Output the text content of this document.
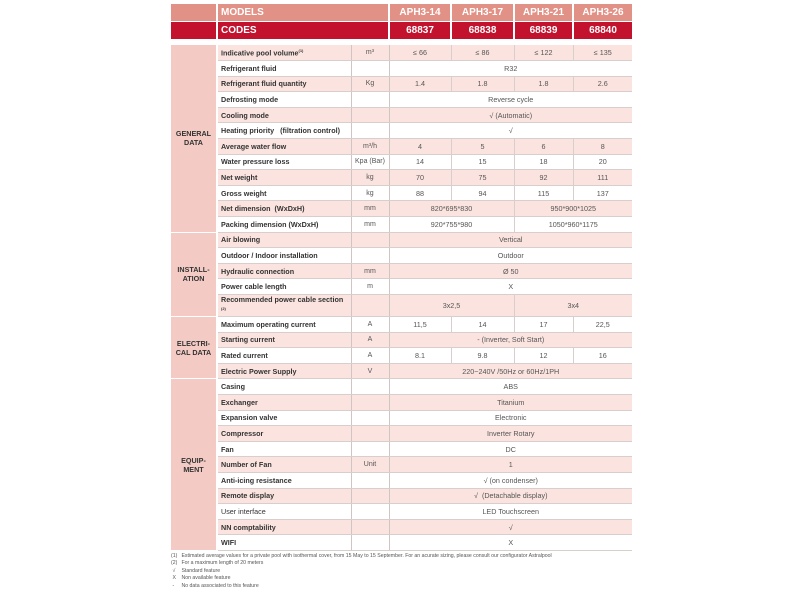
	MODELS		APH3-14	APH3-17	APH3-21	APH3-26
	CODES		68837	68838	68839	68840

GENERAL DATA	Indicative pool volume$^{(1)}$	m³	≤ 66	≤ 86	≤ 122	≤ 135
	Refrigerant fluid		R32			
	Refrigerant fluid quantity	Kg	1.4	1.8	1.8	2.6
	Defrosting mode		Reverse cycle			
	Cooling mode		√ (Automatic)			
	Heating priority   (filtration control)		√			
	Average water flow	m³/h	4	5	6	8
	Water pressure loss	Kpa (Bar)	14	15	18	20
	Net weight	kg	70	75	92	111
	Gross weight	kg	88	94	115	137
	Net dimension  (WxDxH)	mm	820*695*830		950*900*1025	
	Packing dimension (WxDxH)	mm	920*755*980		1050*960*1175	
INSTALL-ATION	Air blowing		Vertical			
	Outdoor / Indoor installation		Outdoor			
	Hydraulic connection	mm	Ø 50			
	Power cable length	m	X			
	Recommended power cable section $^{(2)}$		3x2,5		3x4	
ELECTRI-CAL DATA	Maximum operating current	A	11,5	14	17	22,5
	Starting current	A	- (Inverter, Soft Start)			
	Rated current	A	8.1	9.8	12	16
	Electric Power Supply	V	220~240V /50Hz or 60Hz/1PH			
EQUIP-MENT	Casing		ABS			
	Exchanger		Titanium			
	Expansion valve		Electronic			
	Compressor		Inverter Rotary			
	Fan		DC			
	Number of Fan	Unit	1			
	Anti-icing resistance		√ (on condenser)			
	Remote display		√  (Detachable display)			
	User interface		LED Touchscreen			
	NN comptability		√			
	WIFI		X			
(1) Estimated average values for a private pool with isothermal cover, from 15 May to 15 September. For an acurate sizing, please consult our configurator Astralpool
(2) For a maximum length of 20 meters
√ Standard feature
X Non available feature
- No data associated to this feature
